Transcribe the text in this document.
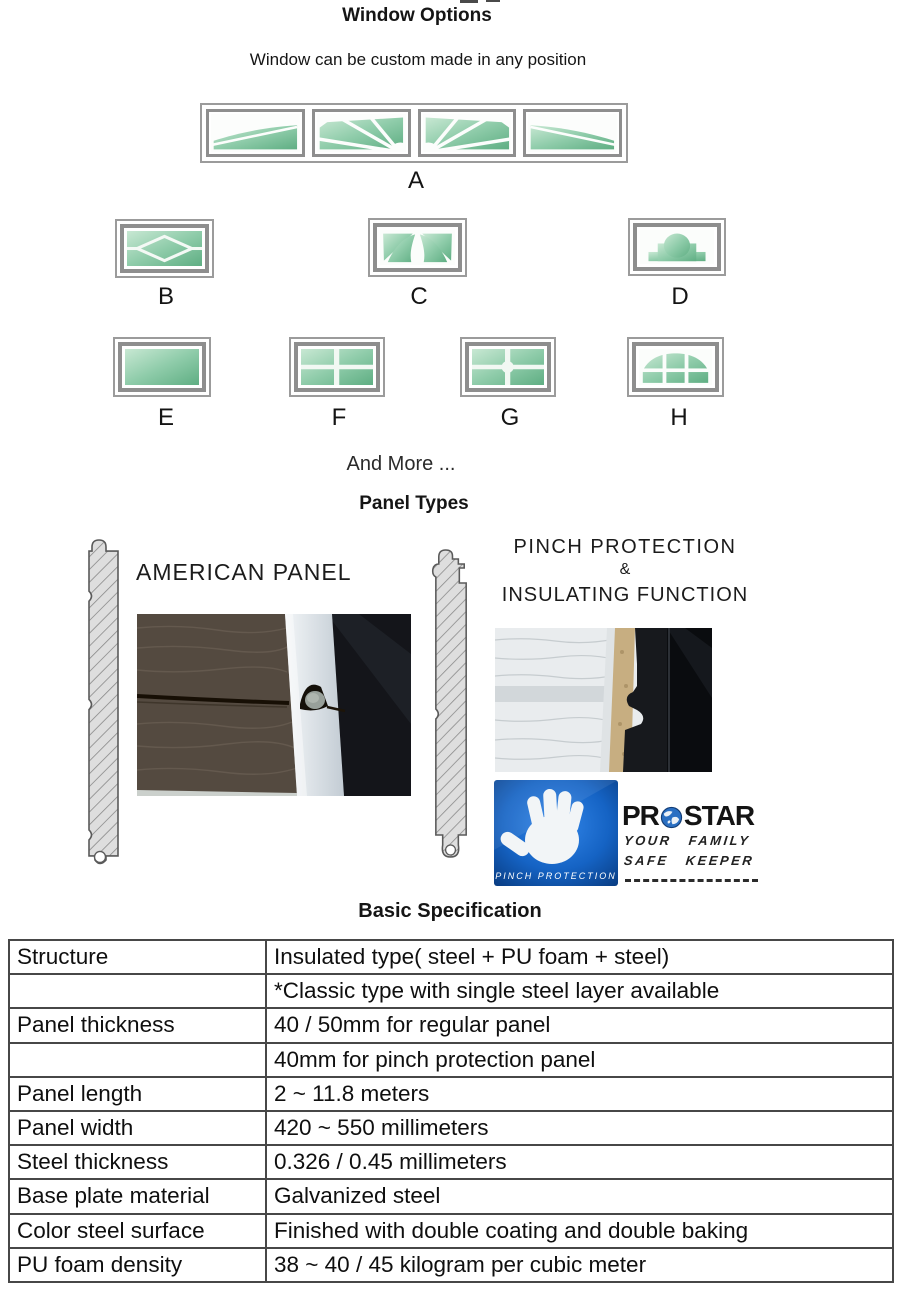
Window Options
Window can be custom made in any position
A
B	C	D
E	F	G	H
And More ...
Panel Types
AMERICAN PANEL
PINCH PROTECTION
&
INSULATING FUNCTION
PINCH PROTECTION
PR STAR
YOUR FAMILY
SAFE KEEPER
Basic Specification
Structure	Insulated type( steel + PU foam + steel)
	*Classic type with single steel layer available
Panel thickness	40 / 50mm for regular panel
	40mm for pinch protection panel
Panel length	2 ~ 11.8 meters
Panel width	420 ~ 550 millimeters
Steel thickness	0.326 / 0.45 millimeters
Base plate material	Galvanized steel
Color steel surface	Finished with double coating and double baking
PU foam density	38 ~ 40 / 45 kilogram per cubic meter
